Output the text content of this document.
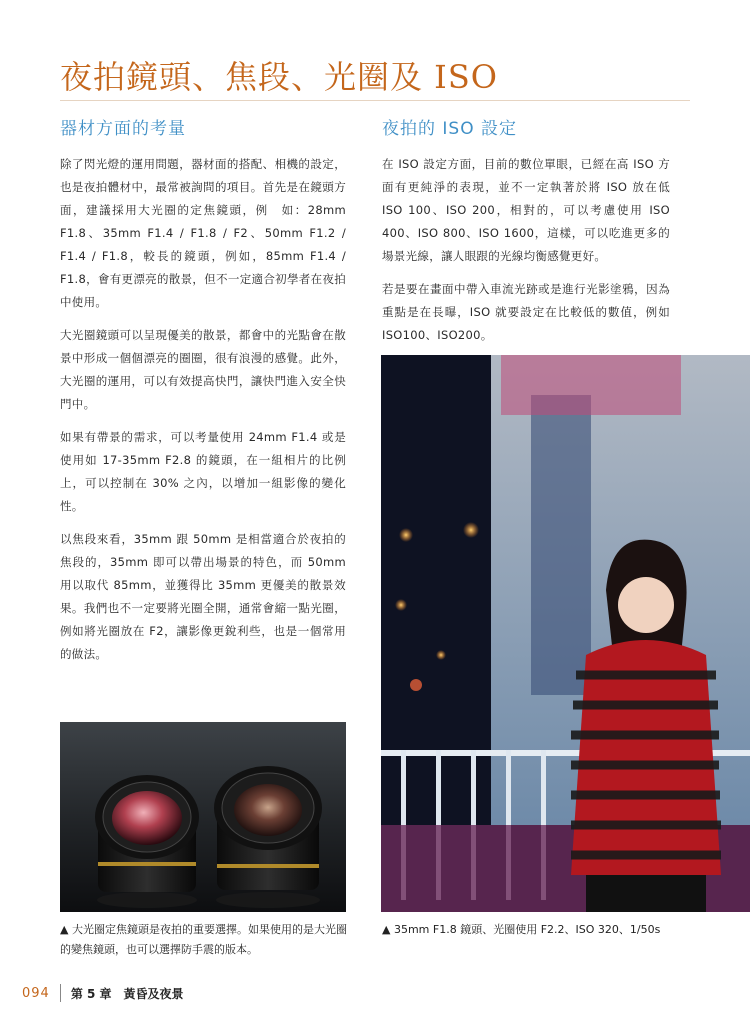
夜拍鏡頭、焦段、光圈及 ISO
器材方面的考量

除了閃光燈的運用問題，器材面的搭配、相機的設定，也是夜拍體材中，最常被詢問的項目。首先是在鏡頭方面，建議採用大光圈的定焦鏡頭，例　如：28mm F1.8、35mm F1.4 / F1.8 / F2、50mm F1.2 / F1.4 / F1.8，較長的鏡頭，例如，85mm F1.4 / F1.8，會有更漂亮的散景，但不一定適合初學者在夜拍中使用。

大光圈鏡頭可以呈現優美的散景，都會中的光點會在散景中形成一個個漂亮的圈圈，很有浪漫的感覺。此外，大光圈的運用，可以有效提高快門，讓快門進入安全快門中。

如果有帶景的需求，可以考量使用 24mm F1.4 或是使用如 17-35mm F2.8 的鏡頭，在一組相片的比例上，可以控制在 30% 之內，以增加一組影像的變化性。

以焦段來看，35mm 跟 50mm 是相當適合於夜拍的焦段的，35mm 即可以帶出場景的特色，而 50mm 用以取代 85mm，並獲得比 35mm 更優美的散景效果。我們也不一定要將光圈全開，通常會縮一點光圈，例如將光圈放在 F2，讓影像更銳利些，也是一個常用的做法。

夜拍的 ISO 設定

在 ISO 設定方面，目前的數位單眼，已經在高 ISO 方面有更純淨的表現，並不一定執著於將 ISO 放在低 ISO 100、ISO 200，相對的，可以考慮使用 ISO 400、ISO 800、ISO 1600，這樣，可以吃進更多的場景光線，讓人眼跟的光線均衡感覺更好。

若是要在畫面中帶入車流光跡或是進行光影塗鴉，因為重點是在長曝，ISO 就要設定在比較低的數值，例如 ISO100、ISO200。

▲ 大光圈定焦鏡頭是夜拍的重要選擇。如果使用的是大光圈的變焦鏡頭，也可以選擇防手震的版本。
▲ 35mm F1.8 鏡頭、光圈使用 F2.2、ISO 320、1/50s
094 第 5 章　黃昏及夜景
